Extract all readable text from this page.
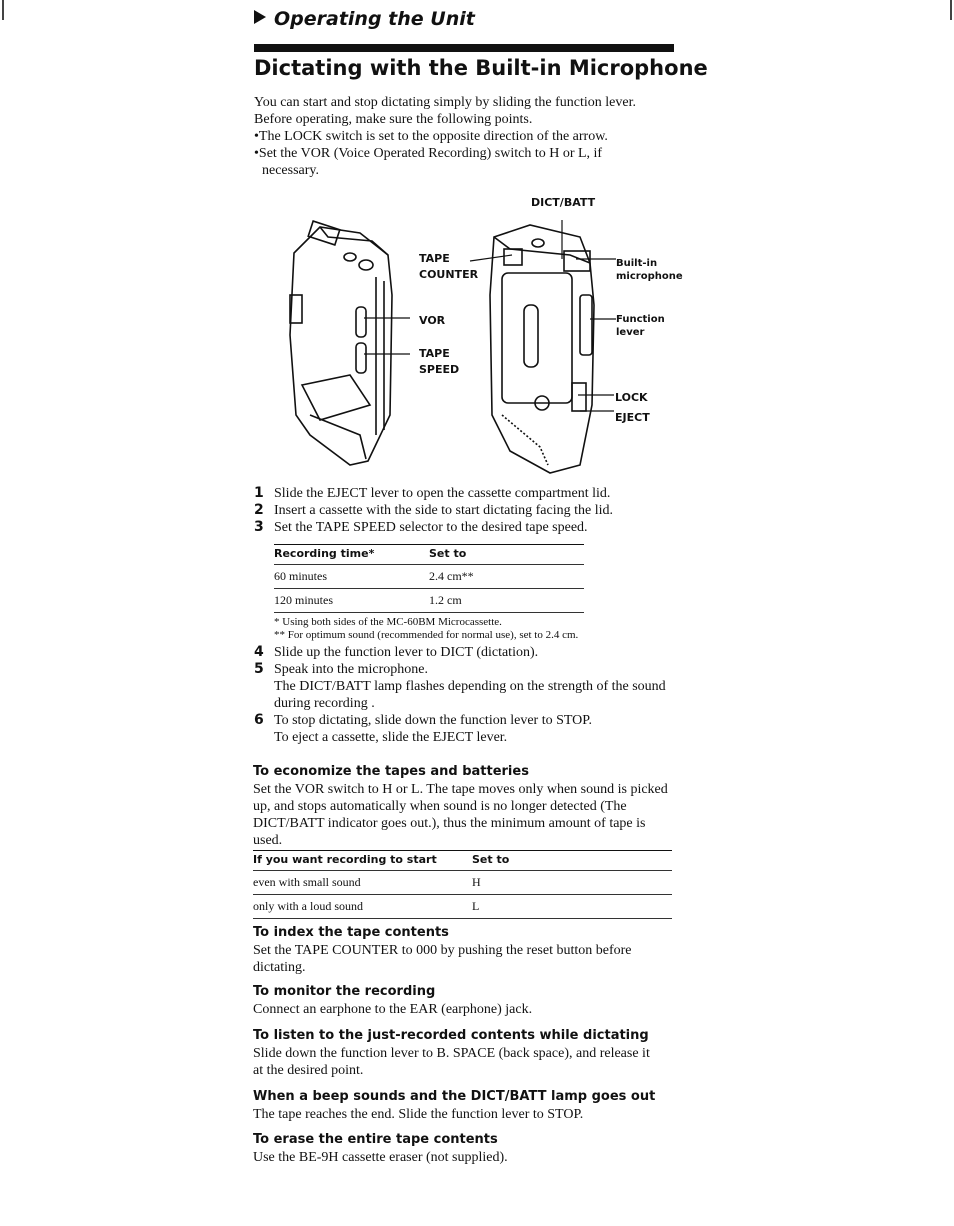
Operating the Unit
Dictating with the Built-in Microphone
You can start and stop dictating simply by sliding the function lever.
Before operating, make sure the following points.
•The LOCK switch is set to the opposite direction of the arrow.
•Set the VOR (Voice Operated Recording) switch to H or L, if necessary.
DICT/BATT
TAPE
COUNTER
VOR
TAPE
SPEED
Built-in
microphone
Function
lever
LOCK
EJECT
1 Slide the EJECT lever to open the cassette compartment lid.
2 Insert a cassette with the side to start dictating facing the lid.
3 Set the TAPE SPEED selector to the desired tape speed.
Recording time*	Set to
60 minutes	2.4 cm**
120 minutes	1.2 cm
* Using both sides of the MC-60BM Microcassette.
** For optimum sound (recommended for normal use), set to 2.4 cm.
4 Slide up the function lever to DICT (dictation).
5 Speak into the microphone.
The DICT/BATT lamp flashes depending on the strength of the sound during recording .
6 To stop dictating, slide down the function lever to STOP.
To eject a cassette, slide the EJECT lever.
To economize the tapes and batteries
Set the VOR switch to H or L. The tape moves only when sound is picked up, and stops automatically when sound is no longer detected (The DICT/BATT indicator goes out.), thus the minimum amount of tape is used.
If you want recording to start	Set to
even with small sound	H
only with a loud sound	L
To index the tape contents
Set the TAPE COUNTER to 000 by pushing the reset button before dictating.
To monitor the recording
Connect an earphone to the EAR (earphone) jack.
To listen to the just-recorded contents while dictating
Slide down the function lever to B. SPACE (back space), and release it at the desired point.
When a beep sounds and the DICT/BATT lamp goes out
The tape reaches the end. Slide the function lever to STOP.
To erase the entire tape contents
Use the BE-9H cassette eraser (not supplied).
